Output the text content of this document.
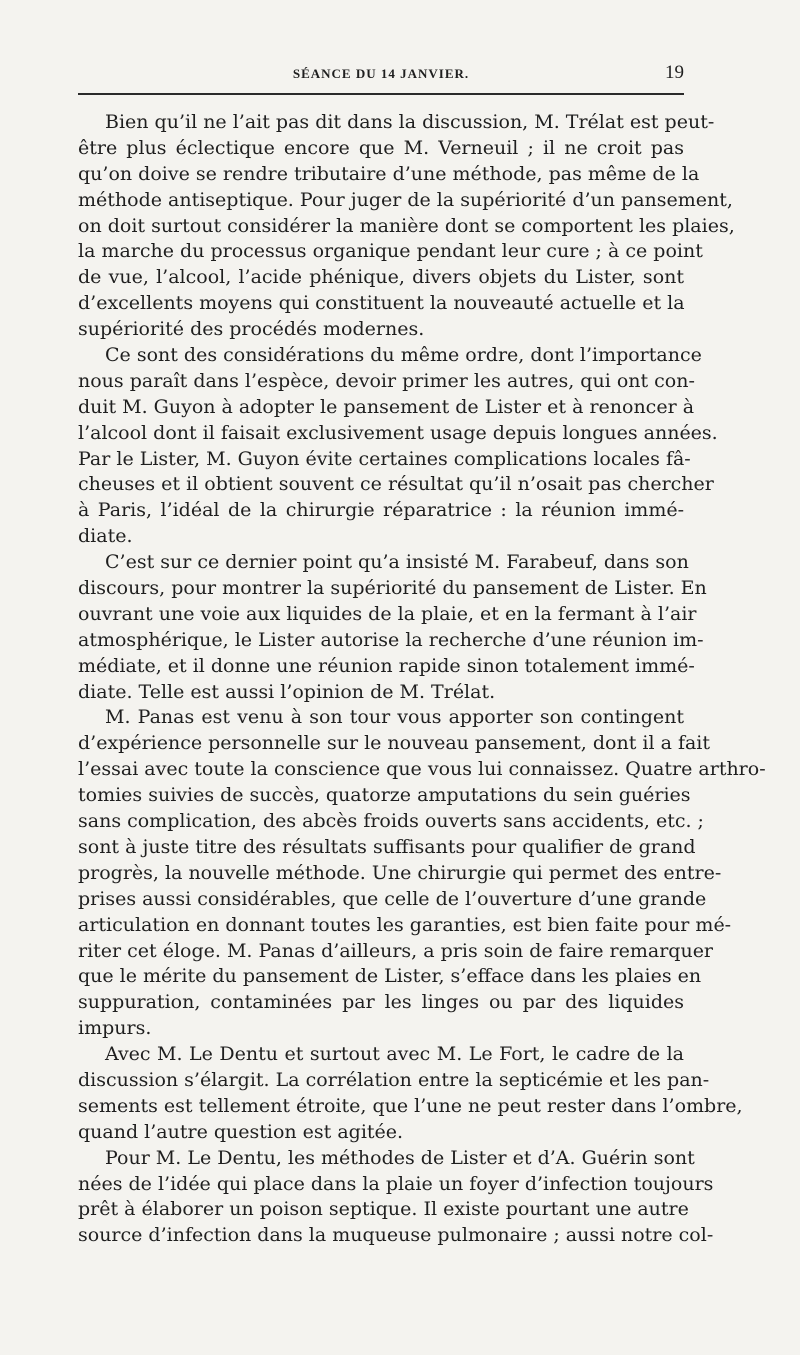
SÉANCE DU 14 JANVIER.	19
Bien qu’il ne l’ait pas dit dans la discussion, M. Trélat est peut-
être plus éclectique encore que M. Verneuil ; il ne croit pas
qu’on doive se rendre tributaire d’une méthode, pas même de la
méthode antiseptique. Pour juger de la supériorité d’un pansement,
on doit surtout considérer la manière dont se comportent les plaies,
la marche du processus organique pendant leur cure ; à ce point
de vue, l’alcool, l’acide phénique, divers objets du Lister, sont
d’excellents moyens qui constituent la nouveauté actuelle et la
supériorité des procédés modernes.
Ce sont des considérations du même ordre, dont l’importance
nous paraît dans l’espèce, devoir primer les autres, qui ont con-
duit M. Guyon à adopter le pansement de Lister et à renoncer à
l’alcool dont il faisait exclusivement usage depuis longues années.
Par le Lister, M. Guyon évite certaines complications locales fâ-
cheuses et il obtient souvent ce résultat qu’il n’osait pas chercher
à Paris, l’idéal de la chirurgie réparatrice : la réunion immé-
diate.
C’est sur ce dernier point qu’a insisté M. Farabeuf, dans son
discours, pour montrer la supériorité du pansement de Lister. En
ouvrant une voie aux liquides de la plaie, et en la fermant à l’air
atmosphérique, le Lister autorise la recherche d’une réunion im-
médiate, et il donne une réunion rapide sinon totalement immé-
diate. Telle est aussi l’opinion de M. Trélat.
M. Panas est venu à son tour vous apporter son contingent
d’expérience personnelle sur le nouveau pansement, dont il a fait
l’essai avec toute la conscience que vous lui connaissez. Quatre arthro-
tomies suivies de succès, quatorze amputations du sein guéries
sans complication, des abcès froids ouverts sans accidents, etc. ;
sont à juste titre des résultats suffisants pour qualifier de grand
progrès, la nouvelle méthode. Une chirurgie qui permet des entre-
prises aussi considérables, que celle de l’ouverture d’une grande
articulation en donnant toutes les garanties, est bien faite pour mé-
riter cet éloge. M. Panas d’ailleurs, a pris soin de faire remarquer
que le mérite du pansement de Lister, s’efface dans les plaies en
suppuration, contaminées par les linges ou par des liquides
impurs.
Avec M. Le Dentu et surtout avec M. Le Fort, le cadre de la
discussion s’élargit. La corrélation entre la septicémie et les pan-
sements est tellement étroite, que l’une ne peut rester dans l’ombre,
quand l’autre question est agitée.
Pour M. Le Dentu, les méthodes de Lister et d’A. Guérin sont
nées de l’idée qui place dans la plaie un foyer d’infection toujours
prêt à élaborer un poison septique. Il existe pourtant une autre
source d’infection dans la muqueuse pulmonaire ; aussi notre col-
